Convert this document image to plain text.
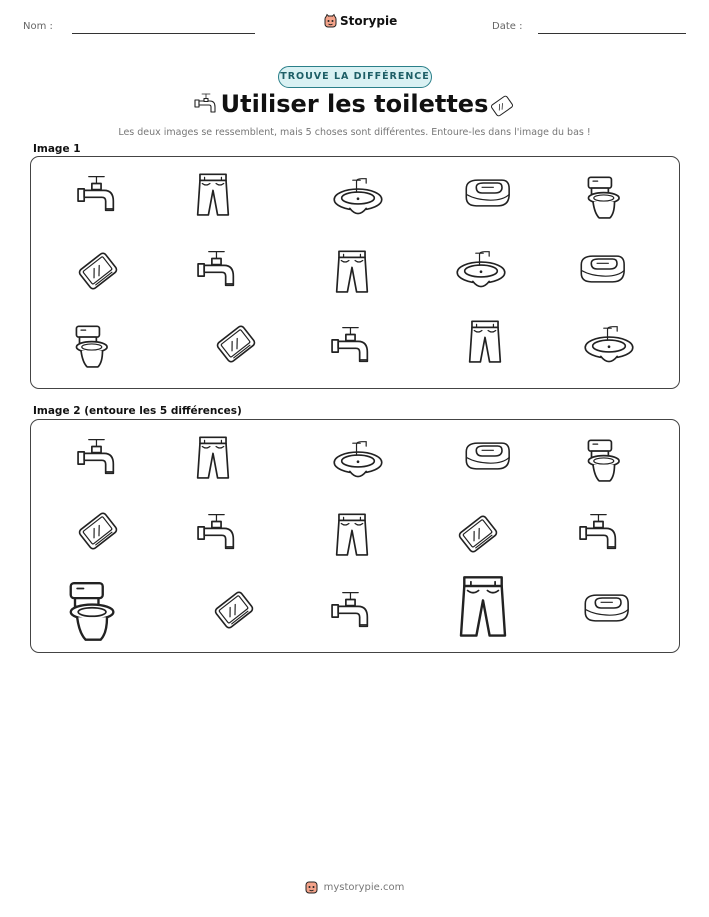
Nom :	Storypie	Date :
TROUVE LA DIFFÉRENCE
Utiliser les toilettes
Les deux images se ressemblent, mais 5 choses sont différentes. Entoure-les dans l'image du bas !
Image 1
Image 2 (entoure les 5 différences)
mystorypie.com
